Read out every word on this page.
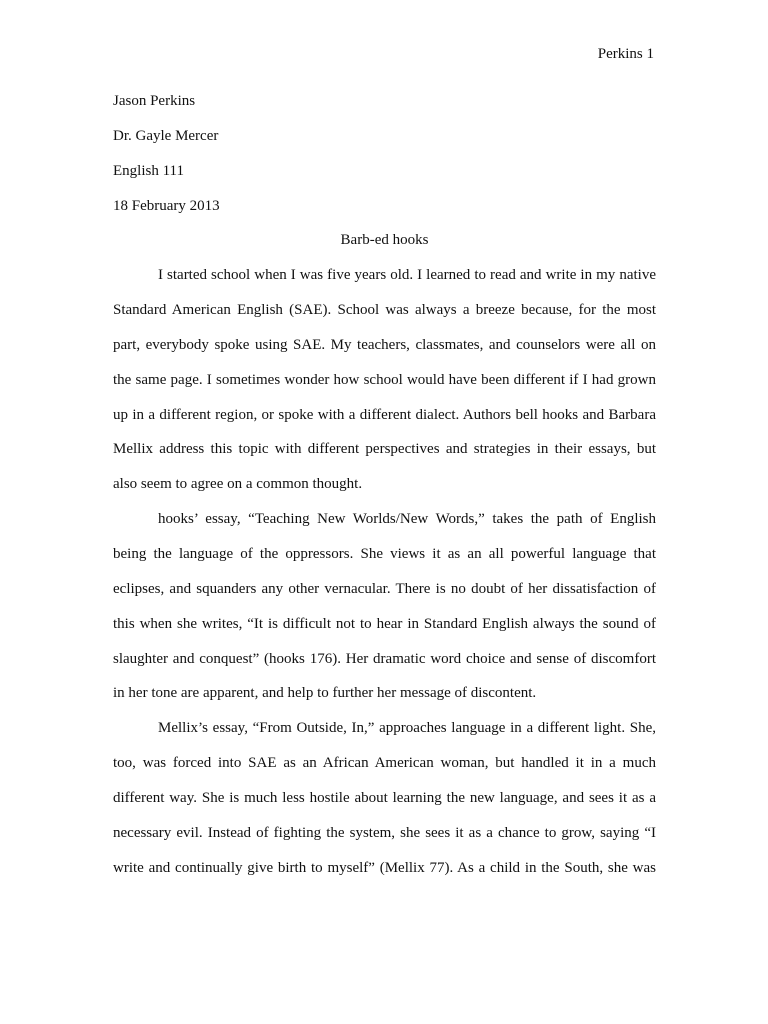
Perkins 1
Jason Perkins
Dr. Gayle Mercer
English 111
18 February 2013
Barb-ed hooks
I started school when I was five years old. I learned to read and write in my native
Standard American English (SAE). School was always a breeze because, for the most
part, everybody spoke using SAE. My teachers, classmates, and counselors were all on
the same page. I sometimes wonder how school would have been different if I had grown
up in a different region, or spoke with a different dialect. Authors bell hooks and Barbara
Mellix address this topic with different perspectives and strategies in their essays, but
also seem to agree on a common thought.
hooks’ essay, “Teaching New Worlds/New Words,” takes the path of English
being the language of the oppressors. She views it as an all powerful language that
eclipses, and squanders any other vernacular. There is no doubt of her dissatisfaction of
this when she writes, “It is difficult not to hear in Standard English always the sound of
slaughter and conquest” (hooks 176). Her dramatic word choice and sense of discomfort
in her tone are apparent, and help to further her message of discontent.
Mellix’s essay, “From Outside, In,” approaches language in a different light. She,
too, was forced into SAE as an African American woman, but handled it in a much
different way. She is much less hostile about learning the new language, and sees it as a
necessary evil. Instead of fighting the system, she sees it as a chance to grow, saying “I
write and continually give birth to myself” (Mellix 77). As a child in the South, she was
